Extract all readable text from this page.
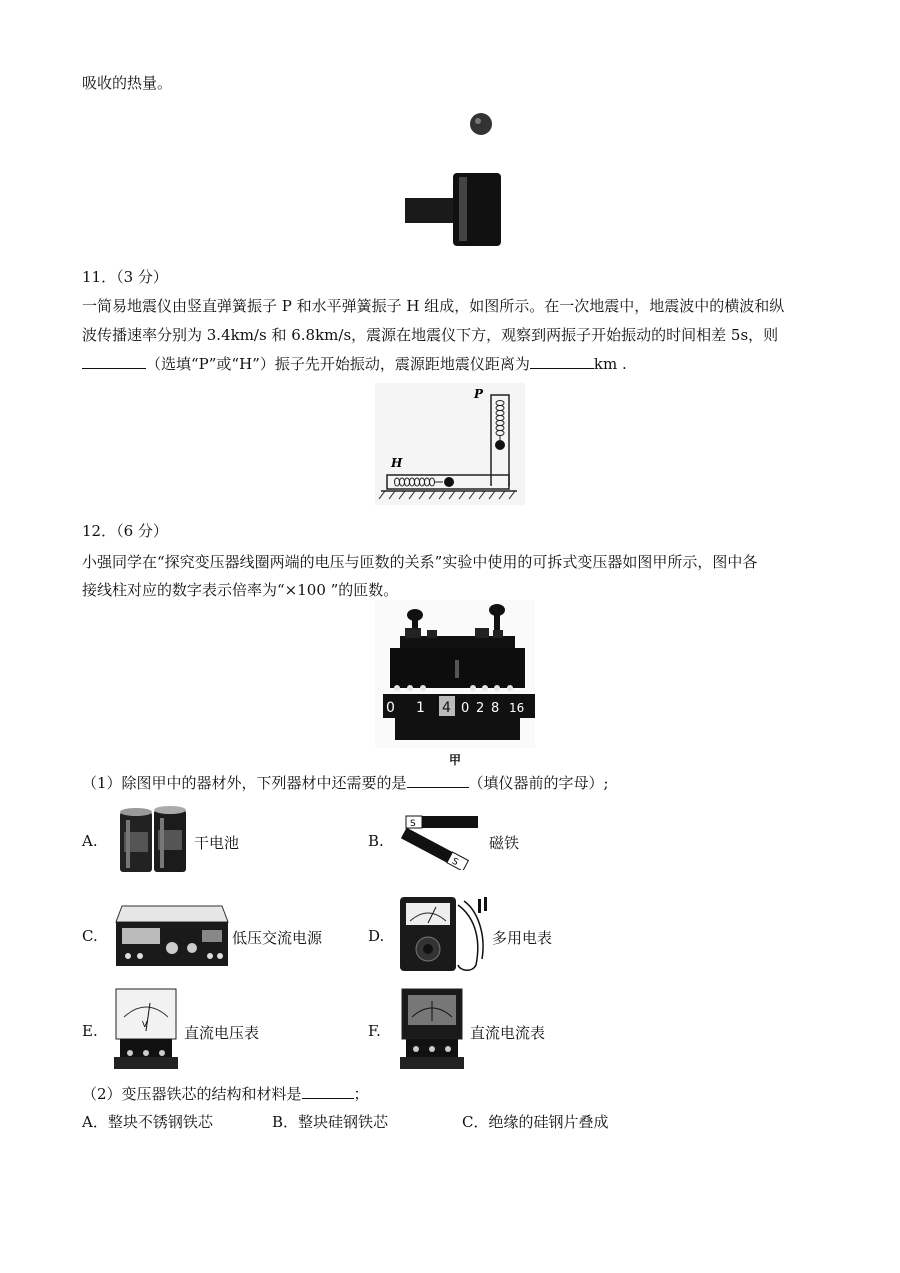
吸收的热量。
11．（3 分）
一简易地震仪由竖直弹簧振子 P 和水平弹簧振子 H 组成，如图所示。在一次地震中，地震波中的横波和纵
波传播速率分别为 3.4km/s 和 6.8km/s，震源在地震仪下方，观察到两振子开始振动的时间相差 5s，则
（选填“P”或“H”）振子先开始振动，震源距地震仪距离为	km .
P
H
12．（6 分）
小强同学在“探究变压器线圈两端的电压与匝数的关系”实验中使用的可拆式变压器如图甲所示，图中各
接线柱对应的数字表示倍率为“×100 ”的匝数。
0 1 4 0 2 8 16
甲
（1）除图甲中的器材外，下列器材中还需要的是	（填仪器前的字母）;
A.	干电池	B.
S
S
磁铁
C.	低压交流电源	D.	多用电表
E.	V 直流电压表	F.	直流电流表
（2）变压器铁芯的结构和材料是	；
A．整块不锈钢铁芯	B．整块硅钢铁芯	C．绝缘的硅钢片叠成
